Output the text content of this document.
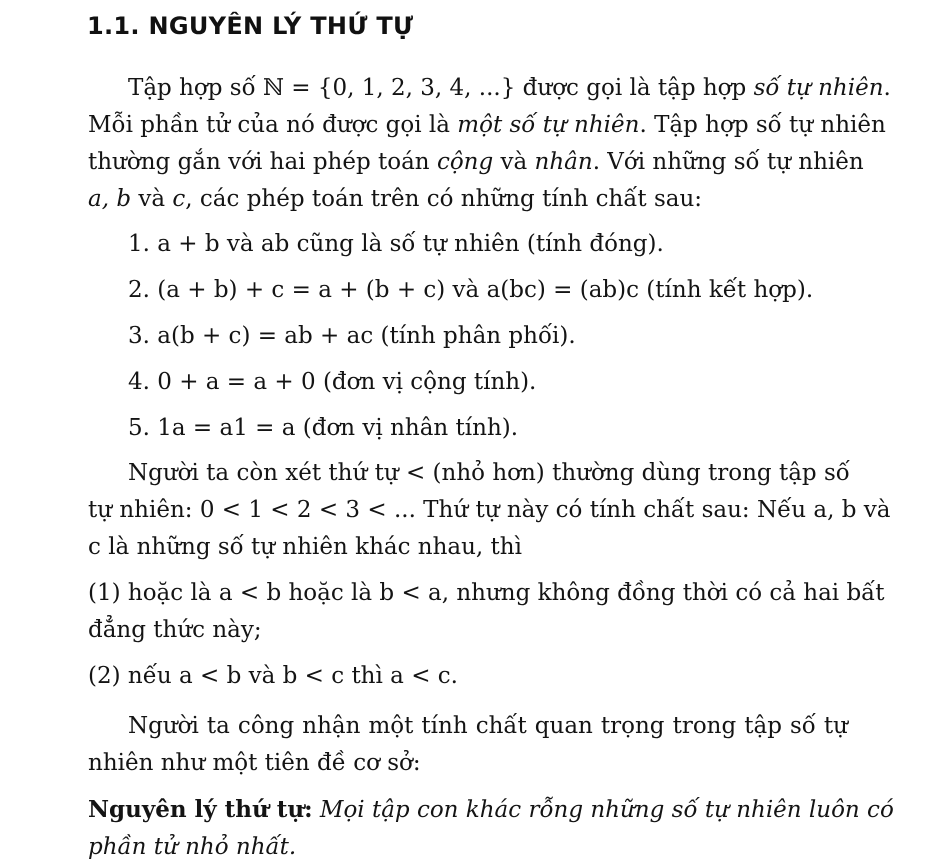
1.1. NGUYÊN LÝ THỨ TỰ
Tập hợp số ℕ = {0, 1, 2, 3, 4, ...} được gọi là tập hợp số tự nhiên.
Mỗi phần tử của nó được gọi là một số tự nhiên. Tập hợp số tự nhiên
thường gắn với hai phép toán cộng và nhân. Với những số tự nhiên
a, b và c, các phép toán trên có những tính chất sau:
1. a + b và ab cũng là số tự nhiên (tính đóng).
2. (a + b) + c = a + (b + c) và a(bc) = (ab)c (tính kết hợp).
3. a(b + c) = ab + ac (tính phân phối).
4. 0 + a = a + 0 (đơn vị cộng tính).
5. 1a = a1 = a (đơn vị nhân tính).
Người ta còn xét thứ tự < (nhỏ hơn) thường dùng trong tập số
tự nhiên: 0 < 1 < 2 < 3 < ... Thứ tự này có tính chất sau: Nếu a, b và
c là những số tự nhiên khác nhau, thì
(1) hoặc là a < b hoặc là b < a, nhưng không đồng thời có cả hai bất
đẳng thức này;
(2) nếu a < b và b < c thì a < c.
Người ta công nhận một tính chất quan trọng trong tập số tự
nhiên như một tiên đề cơ sở:
Nguyên lý thứ tự: Mọi tập con khác rỗng những số tự nhiên luôn có
phần tử nhỏ nhất.
